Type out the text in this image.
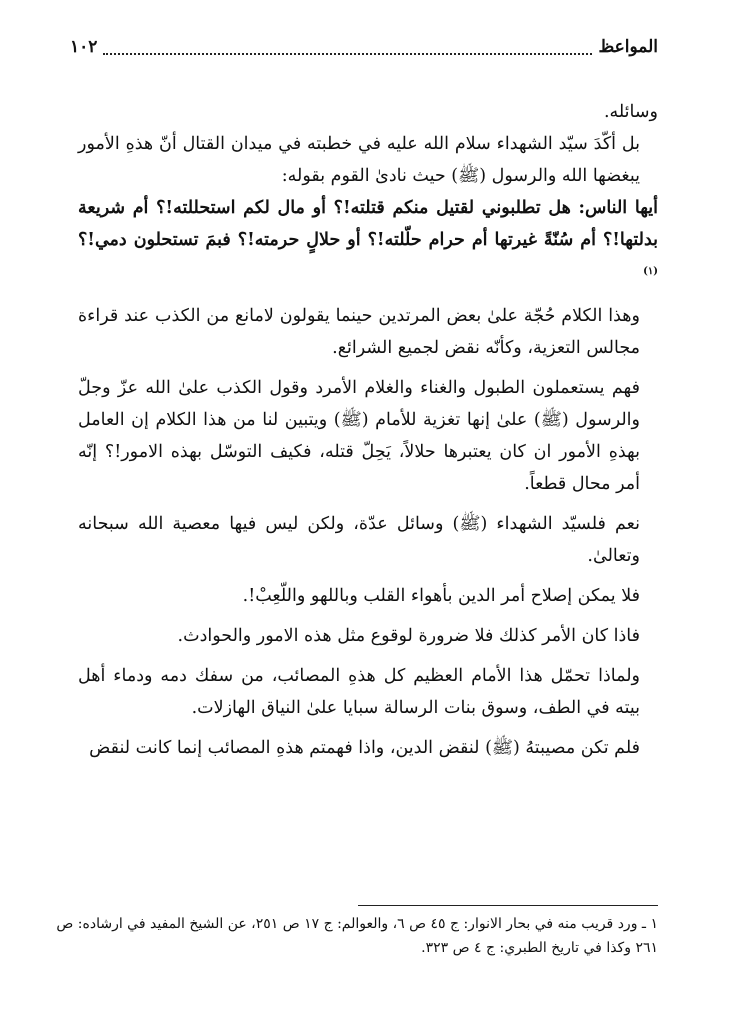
١٠٢	المواعظ

وسائله.

بل أكّدَ سيّد الشهداء سلام الله عليه في خطبته في ميدان القتال أنّ هذهِ الأمور يبغضها الله والرسول (ﷺ) حيث نادىٰ القوم بقوله:

أيها الناس: هل تطلبوني لقتيل منكم قتلته!؟ أو مال لكم استحللته!؟ أم شريعة بدلتها!؟ أم سُنّةً غيرتها أم حرام حلّلته!؟ أو حلالٍ حرمته!؟ فبمَ تستحلون دمي!؟$^{(١)}$

وهذا الكلام حُجّة علىٰ بعض المرتدين حينما يقولون لامانع من الكذب عند قراءة مجالس التعزية، وكأنّه نقض لجميع الشرائع.

فهم يستعملون الطبول والغناء والغلام الأمرد وقول الكذب علىٰ الله عزّ وجلّ والرسول (ﷺ) علىٰ إنها تغزية للأمام (ﷺ) ويتبين لنا من هذا الكلام إن العامل بهذهِ الأمور ان كان يعتبرها حلالاً، يَحِلّ قتله، فكيف التوسّل بهذه الامور!؟ إنّه أمر محال قطعاً.

نعم فلسيّد الشهداء (ﷺ) وسائل عدّة، ولكن ليس فيها معصية الله سبحانه وتعالىٰ.

فلا يمكن إصلاح أمر الدين بأهواء القلب وباللهو واللّعِبْ!.

فاذا كان الأمر كذلك فلا ضرورة لوقوع مثل هذه الامور والحوادث.

ولماذا تحمّل هذا الأمام العظيم كل هذهِ المصائب، من سفك دمه ودماء أهل بيته في الطف، وسوق بنات الرسالة سبايا علىٰ النياق الهازلات.

فلم تكن مصيبتهُ (ﷺ) لنقض الدين، واذا فهمتم هذهِ المصائب إنما كانت لنقض

١ ـ ورد قريب منه في بحار الانوار: ج ٤٥ ص ٦، والعوالم: ج ١٧ ص ٢٥١، عن الشيخ المفيد في ارشاده: ص ٢٦١ وكذا في تاريخ الطبري: ج ٤ ص ٣٢٣.
